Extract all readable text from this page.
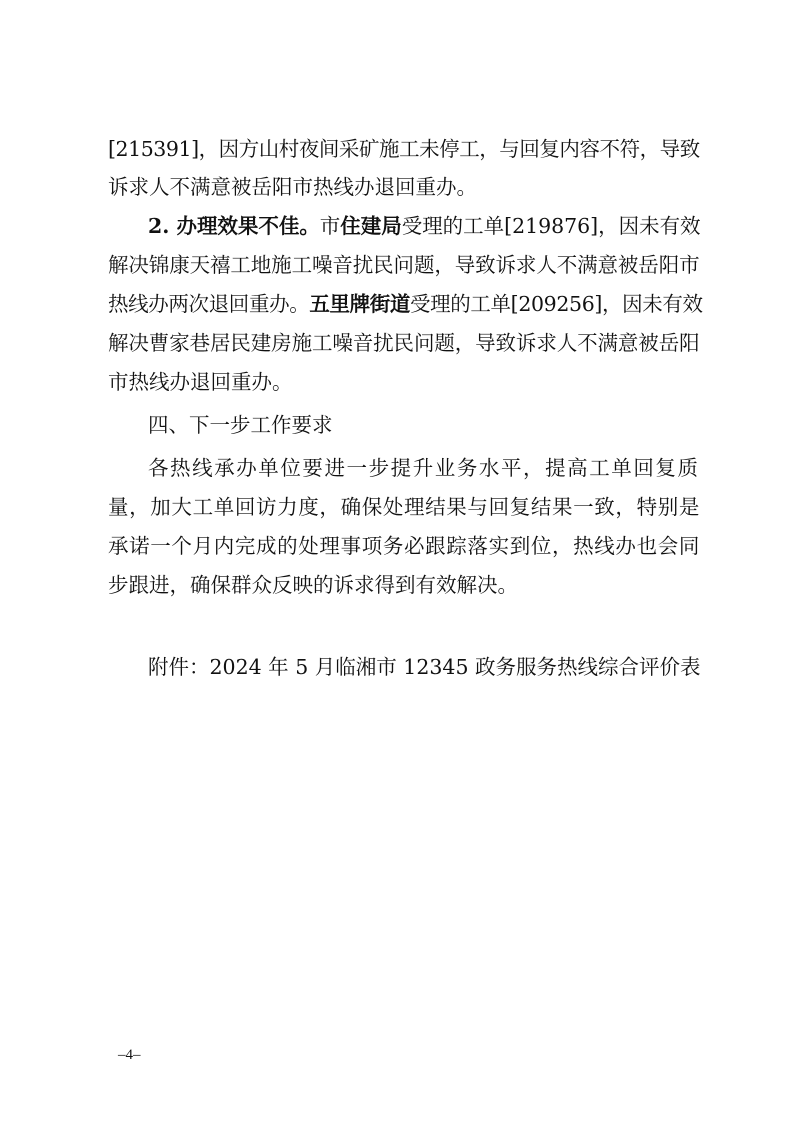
[215391]，因方山村夜间采矿施工未停工，与回复内容不符，导致
诉求人不满意被岳阳市热线办退回重办。
2. 办理效果不佳。市住建局受理的工单[219876]，因未有效
解决锦康天禧工地施工噪音扰民问题，导致诉求人不满意被岳阳市
热线办两次退回重办。五里牌街道受理的工单[209256]，因未有效
解决曹家巷居民建房施工噪音扰民问题，导致诉求人不满意被岳阳
市热线办退回重办。
四、下一步工作要求
各热线承办单位要进一步提升业务水平，提高工单回复质
量，加大工单回访力度，确保处理结果与回复结果一致，特别是
承诺一个月内完成的处理事项务必跟踪落实到位，热线办也会同
步跟进，确保群众反映的诉求得到有效解决。
附件：2024 年 5 月临湘市 12345 政务服务热线综合评价表
–4–
